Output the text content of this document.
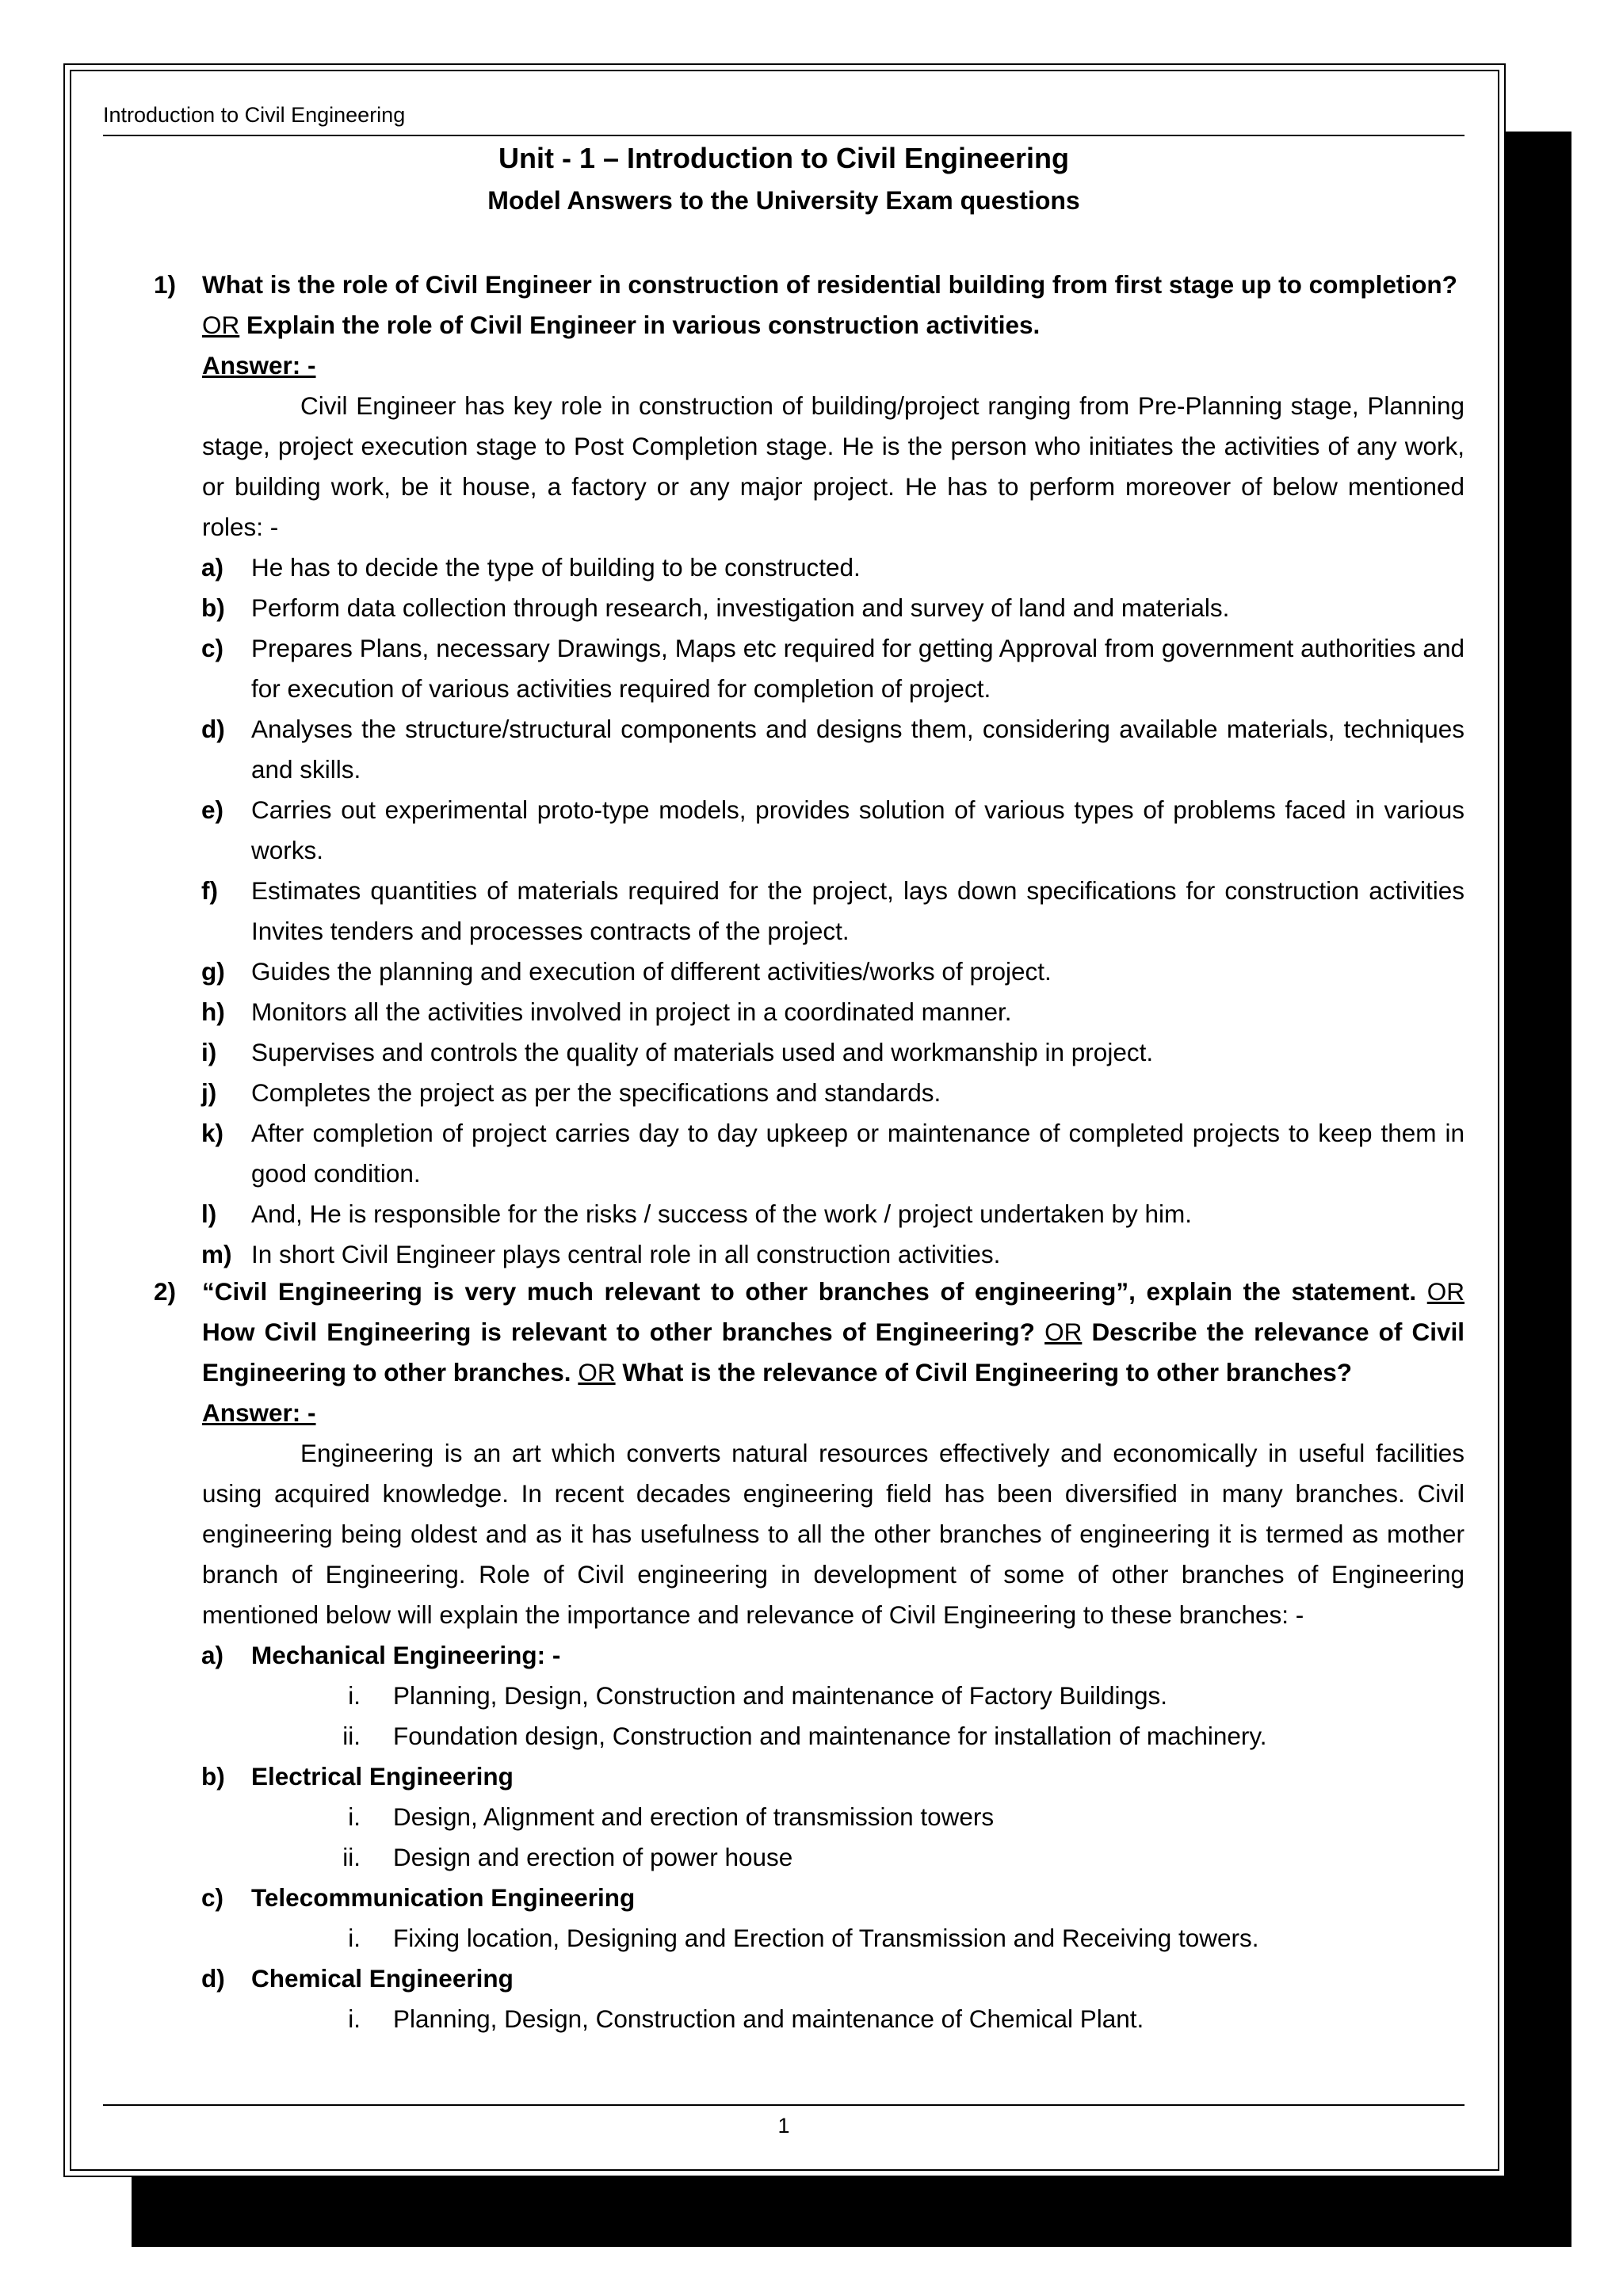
Introduction to Civil Engineering
Unit - 1 – Introduction to Civil Engineering
Model Answers to the University Exam questions
1) What is the role of Civil Engineer in construction of residential building from first stage up to completion?
OR Explain the role of Civil Engineer in various construction activities.
Answer: -
Civil Engineer has key role in construction of building/project ranging from Pre-Planning stage, Planning stage, project execution stage to Post Completion stage. He is the person who initiates the activities of any work, or building work, be it house, a factory or any major project. He has to perform moreover of below mentioned roles: -
a)	He has to decide the type of building to be constructed.
b)	Perform data collection through research, investigation and survey of land and materials.
c)	Prepares Plans, necessary Drawings, Maps etc required for getting Approval from government authorities and for execution of various activities required for completion of project.
d)	Analyses the structure/structural components and designs them, considering available materials, techniques and skills.
e)	Carries out experimental proto-type models, provides solution of various types of problems faced in various works.
f)	Estimates quantities of materials required for the project, lays down specifications for construction activities Invites tenders and processes contracts of the project.
g)	Guides the planning and execution of different activities/works of project.
h)	Monitors all the activities involved in project in a coordinated manner.
i)	Supervises and controls the quality of materials used and workmanship in project.
j)	Completes the project as per the specifications and standards.
k)	After completion of project carries day to day upkeep or maintenance of completed projects to keep them in good condition.
l)	And, He is responsible for the risks / success of the work / project undertaken by him.
m) In short Civil Engineer plays central role in all construction activities.
2) “Civil Engineering is very much relevant to other branches of engineering”, explain the statement. OR How Civil Engineering is relevant to other branches of Engineering? OR Describe the relevance of Civil Engineering to other branches. OR What is the relevance of Civil Engineering to other branches?
Answer: -
Engineering is an art which converts natural resources effectively and economically in useful facilities using acquired knowledge. In recent decades engineering field has been diversified in many branches. Civil engineering being oldest and as it has usefulness to all the other branches of engineering it is termed as mother branch of Engineering. Role of Civil engineering in development of some of other branches of Engineering mentioned below will explain the importance and relevance of Civil Engineering to these branches: -
a)	Mechanical Engineering: -
i.	Planning, Design, Construction and maintenance of Factory Buildings.
ii.	Foundation design, Construction and maintenance for installation of machinery.
b)	Electrical Engineering
i.	Design, Alignment and erection of transmission towers
ii.	Design and erection of power house
c)	Telecommunication Engineering
i.	Fixing location, Designing and Erection of Transmission and Receiving towers.
d)	Chemical Engineering
i.	Planning, Design, Construction and maintenance of Chemical Plant.
1
